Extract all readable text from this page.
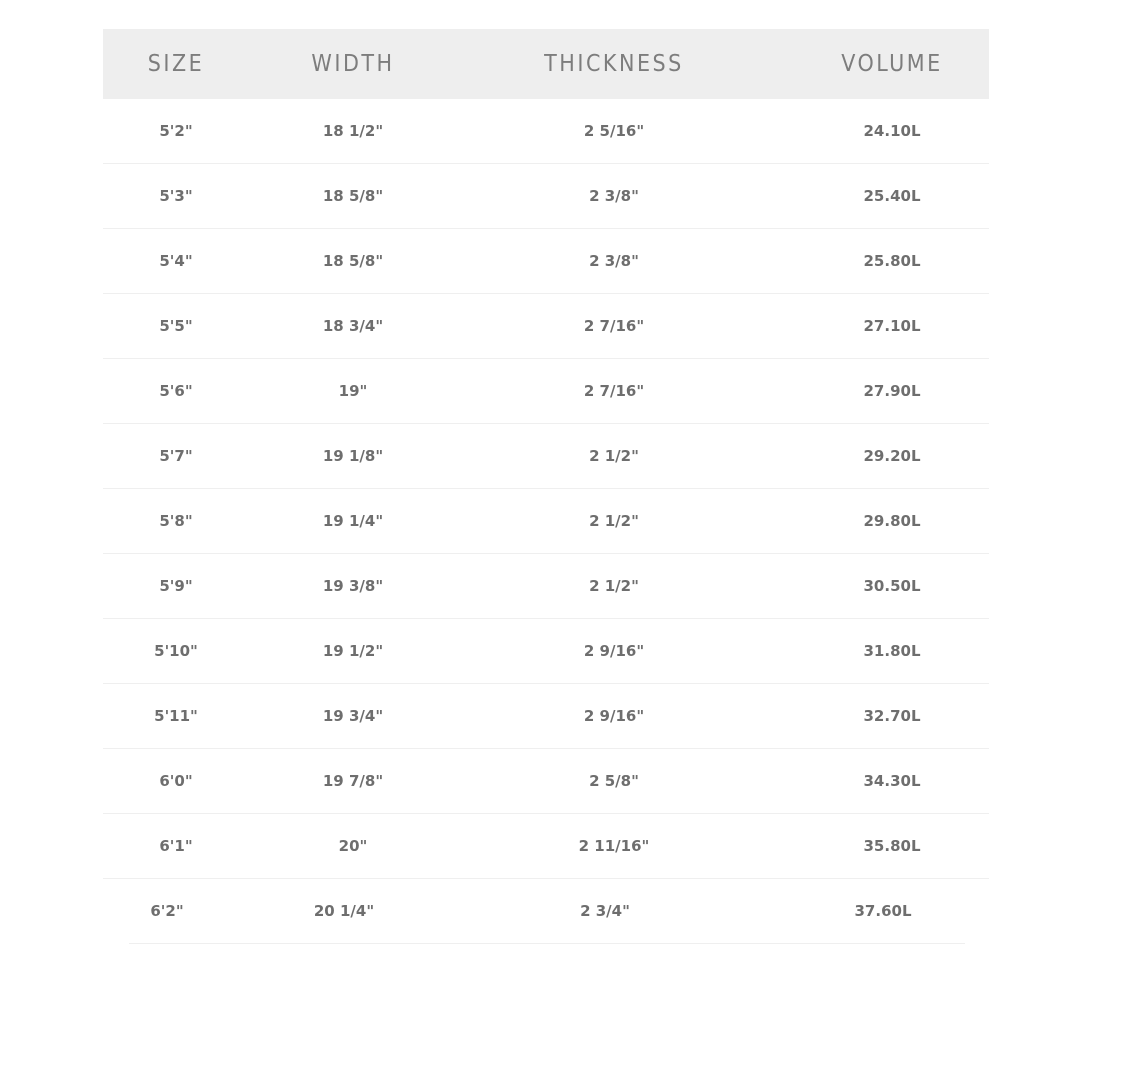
SIZE	WIDTH	THICKNESS	VOLUME
5'2"	18 1/2"	2 5/16"	24.10L
5'3"	18 5/8"	2 3/8"	25.40L
5'4"	18 5/8"	2 3/8"	25.80L
5'5"	18 3/4"	2 7/16"	27.10L
5'6"	19"	2 7/16"	27.90L
5'7"	19 1/8"	2 1/2"	29.20L
5'8"	19 1/4"	2 1/2"	29.80L
5'9"	19 3/8"	2 1/2"	30.50L
5'10"	19 1/2"	2 9/16"	31.80L
5'11"	19 3/4"	2 9/16"	32.70L
6'0"	19 7/8"	2 5/8"	34.30L
6'1"	20"	2 11/16"	35.80L
6'2"	20 1/4"	2 3/4"	37.60L
